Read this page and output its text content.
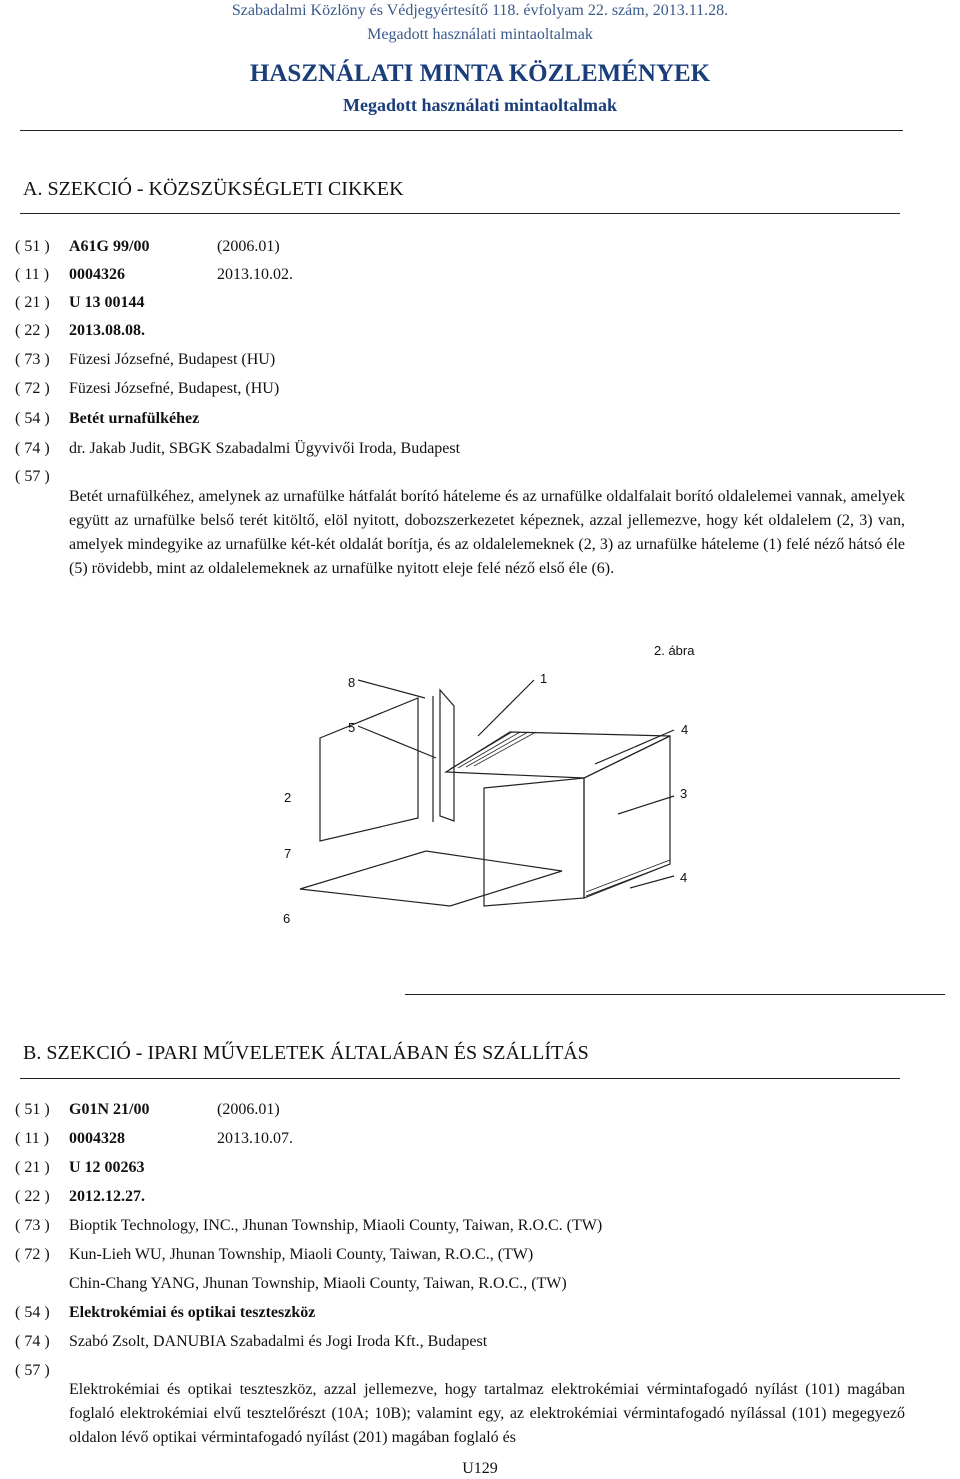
Szabadalmi Közlöny és Védjegyértesítő 118. évfolyam 22. szám, 2013.11.28.
Megadott használati mintaoltalmak
HASZNÁLATI MINTA KÖZLEMÉNYEK
Megadott használati mintaoltalmak
A. SZEKCIÓ - KÖZSZÜKSÉGLETI CIKKEK
( 51 )	A61G 99/00	(2006.01)
( 11 )	0004326	2013.10.02.
( 21 )	U 13 00144
( 22 )	2013.08.08.
( 73 )	Füzesi Józsefné, Budapest (HU)
( 72 )	Füzesi Józsefné, Budapest, (HU)
( 54 )	Betét urnafülkéhez
( 74 )	dr. Jakab Judit, SBGK Szabadalmi Ügyvivői Iroda, Budapest
( 57 )
Betét urnafülkéhez, amelynek az urnafülke hátfalát borító háteleme és az urnafülke oldalfalait borító oldalelemei vannak, amelyek együtt az urnafülke belső terét kitöltő, elöl nyitott, dobozszerkezetet képeznek, azzal jellemezve, hogy két oldalelem (2, 3) van, amelyek mindegyike az urnafülke két-két oldalát borítja, és az oldalelemeknek (2, 3) az urnafülke háteleme (1) felé néző hátsó éle (5) rövidebb, mint az oldalelemeknek az urnafülke nyitott eleje felé néző első éle (6).
2. ábra
8	1
5	4
2	3
7
4
6
B. SZEKCIÓ - IPARI MŰVELETEK ÁLTALÁBAN ÉS SZÁLLÍTÁS
( 51 )	G01N 21/00	(2006.01)
( 11 )	0004328	2013.10.07.
( 21 )	U 12 00263
( 22 )	2012.12.27.
( 73 )	Bioptik Technology, INC., Jhunan Township, Miaoli County, Taiwan, R.O.C. (TW)
( 72 )	Kun-Lieh WU, Jhunan Township, Miaoli County, Taiwan, R.O.C., (TW)
Chin-Chang YANG, Jhunan Township, Miaoli County, Taiwan, R.O.C., (TW)
( 54 )	Elektrokémiai és optikai teszteszköz
( 74 )	Szabó Zsolt, DANUBIA Szabadalmi és Jogi Iroda Kft., Budapest
( 57 )
Elektrokémiai és optikai teszteszköz, azzal jellemezve, hogy tartalmaz elektrokémiai vérmintafogadó nyílást (101) magában foglaló elektrokémiai elvű tesztelőrészt (10A; 10B); valamint egy, az elektrokémiai vérmintafogadó nyílással (101) megegyező oldalon lévő optikai vérmintafogadó nyílást (201) magában foglaló és
U129
